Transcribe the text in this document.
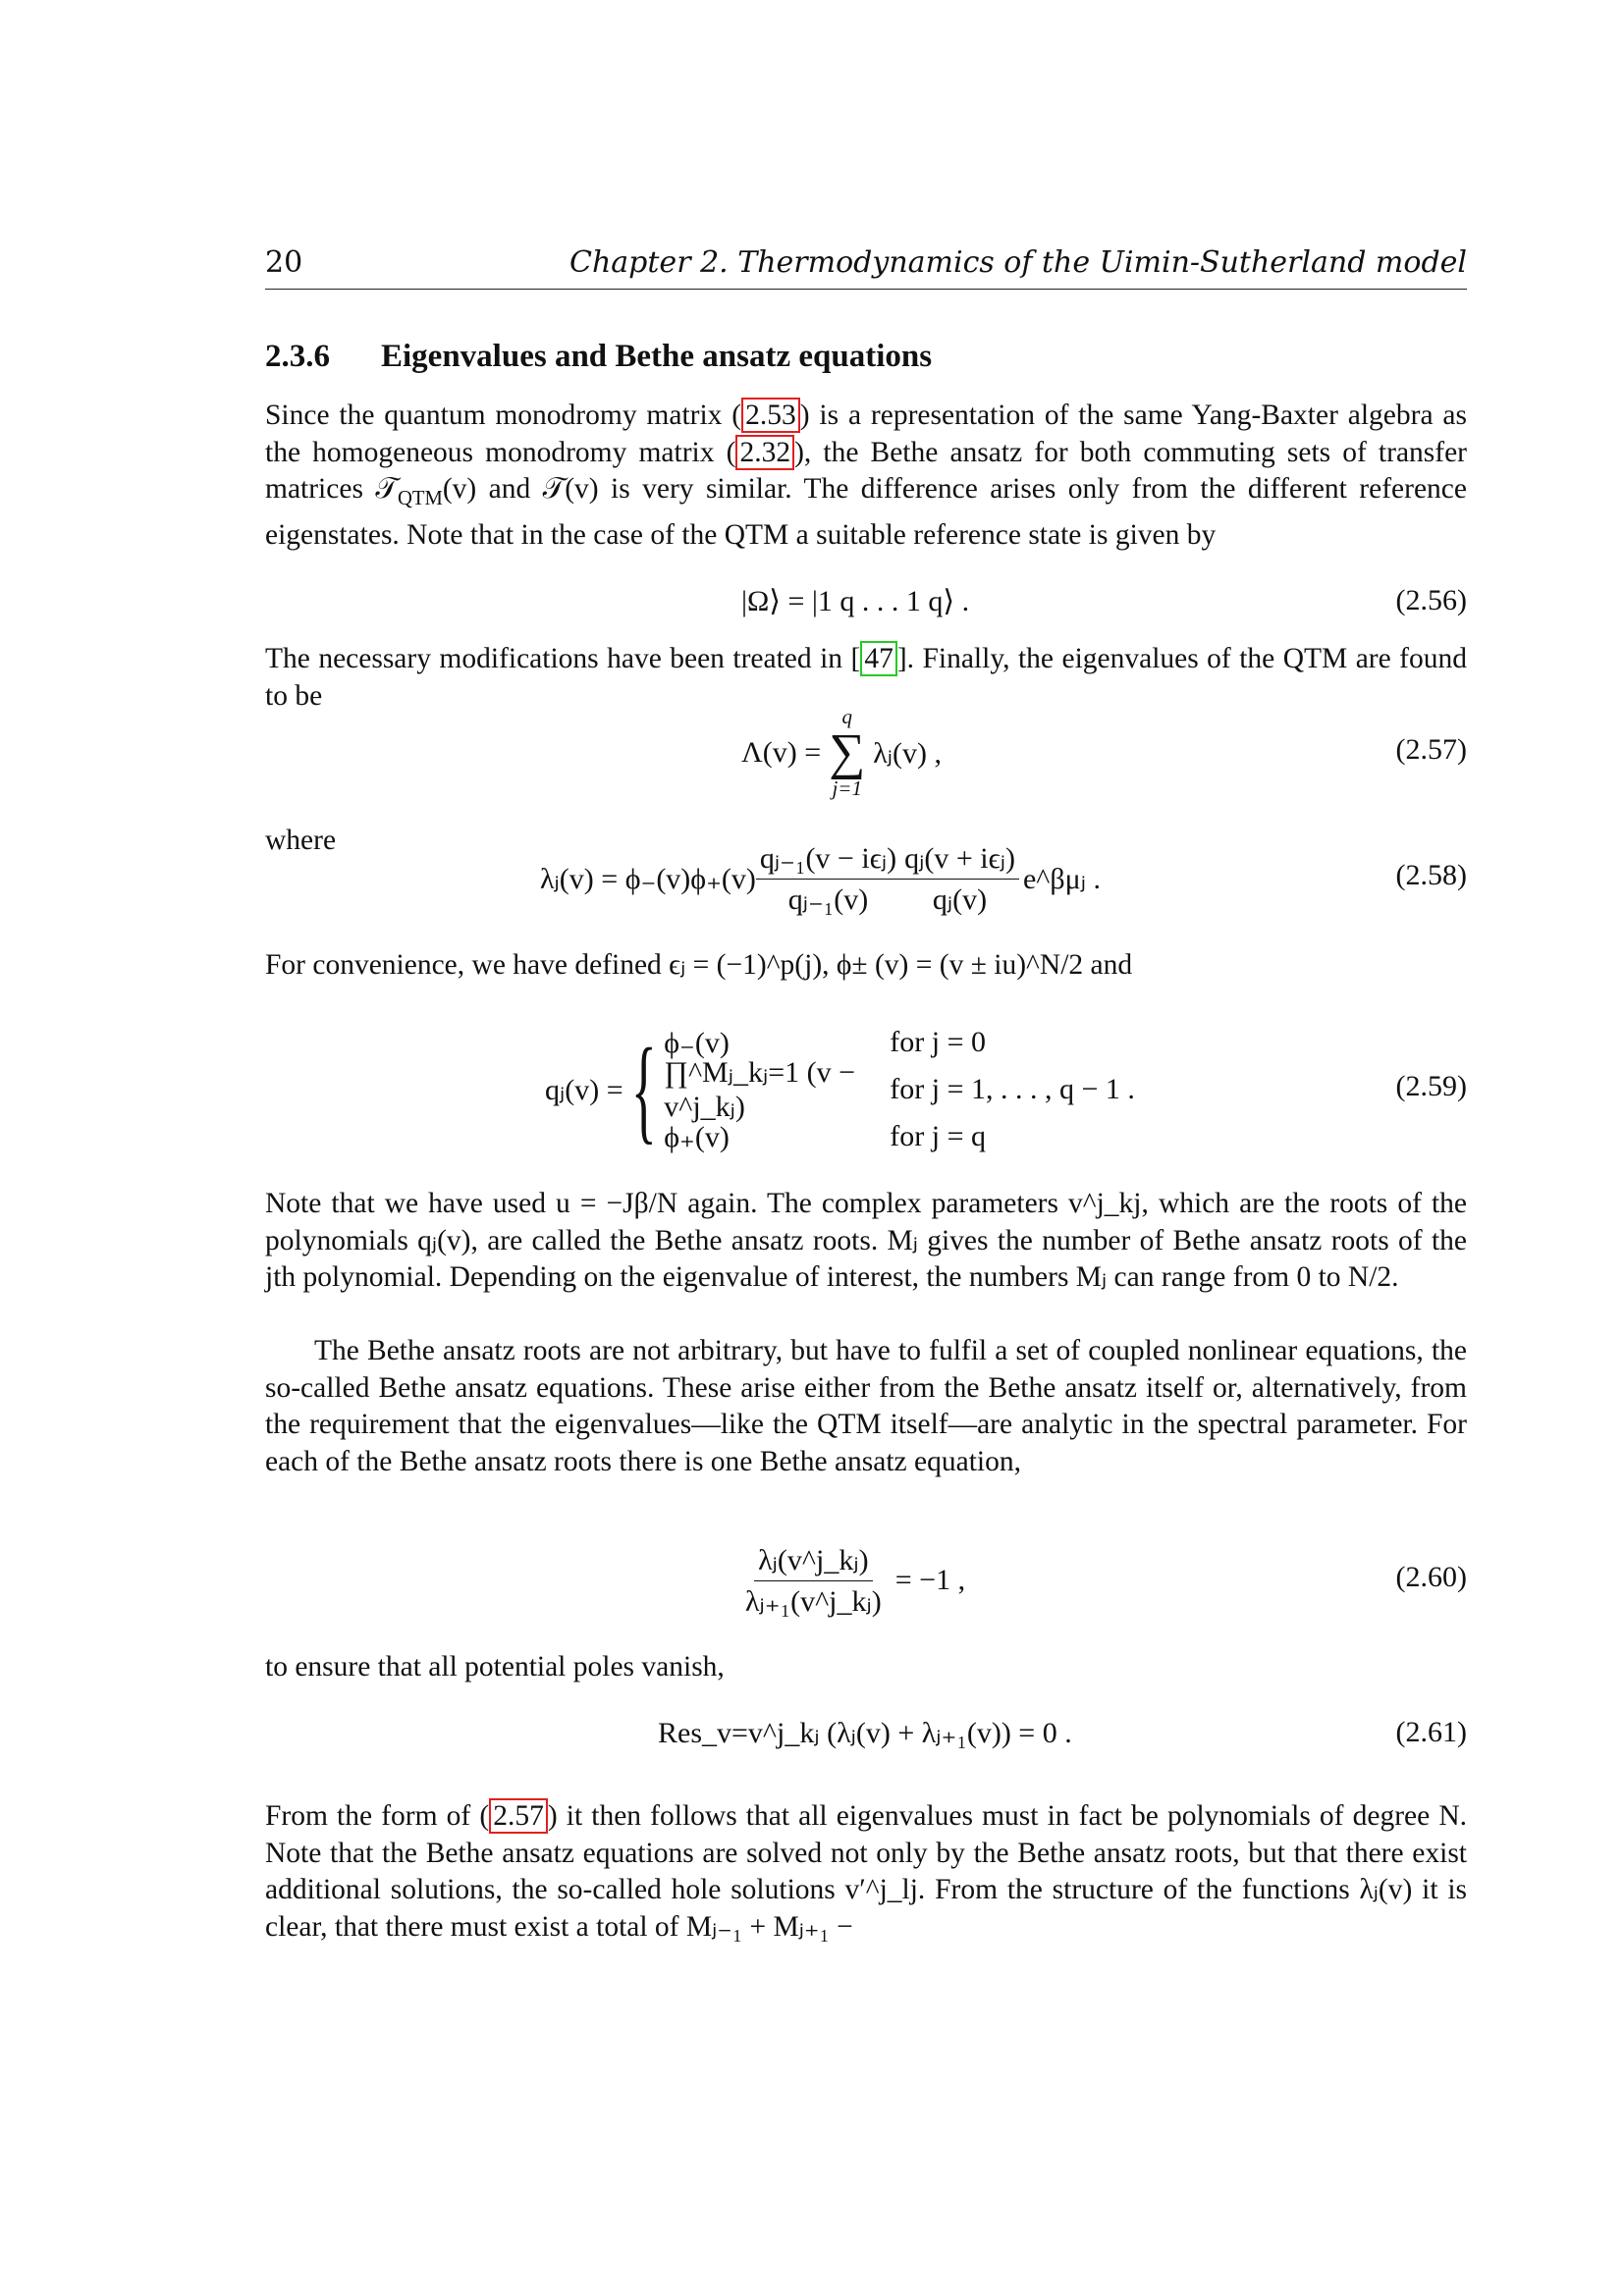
20	Chapter 2. Thermodynamics of the Uimin-Sutherland model
2.3.6 Eigenvalues and Bethe ansatz equations
Since the quantum monodromy matrix ( 2.53 ) is a representation of the same Yang-Baxter algebra as the homogeneous monodromy matrix ( 2.32 ), the Bethe ansatz for both commuting sets of transfer matrices 𝒯$_{QTM}$(v) and 𝒯(v) is very similar. The difference arises only from the different reference eigenstates. Note that in the case of the QTM a suitable reference state is given by
|Ω⟩ = |1 q . . . 1 q⟩ .	(2.56)
The necessary modifications have been treated in [ 47 ]. Finally, the eigenvalues of the QTM are found to be
Λ(v) =
q
∑
j=1
λⱼ(v) ,	(2.57)
where
λⱼ(v) = $\phi_-(v)\phi_+(v) \frac{\text{qⱼ₋₁(v − iϵⱼ)}}{\text{qⱼ₋₁(v)}} \frac{\text{qⱼ(v + iϵⱼ)}}{\text{qⱼ(v)}}$ e^βμⱼ .	(2.58)
For convenience, we have defined ϵⱼ = (−1)^p(j), ϕ± (v) = (v ± iu)^N/2 and
qⱼ(v) = { ϕ₋(v)	for j = 0
∏^Mⱼ_kⱼ=1 (v − v^j_kⱼ)
for j = 1, . . . , q − 1 .
ϕ₊(v)	for j = q
(2.59)
Note that we have used u = −Jβ/N again. The complex parameters v^j_kj, which are the roots of the polynomials qⱼ(v), are called the Bethe ansatz roots. Mⱼ gives the number of Bethe ansatz roots of the jth polynomial. Depending on the eigenvalue of interest, the numbers Mⱼ can range from 0 to N/2.
The Bethe ansatz roots are not arbitrary, but have to fulfil a set of coupled nonlinear equations, the so-called Bethe ansatz equations. These arise either from the Bethe ansatz itself or, alternatively, from the requirement that the eigenvalues—like the QTM itself—are analytic in the spectral parameter. For each of the Bethe ansatz roots there is one Bethe ansatz equation,
$\frac{\text{λⱼ(v\textasciicircum{}j\_kⱼ)}}{\text{λⱼ₊₁(v\textasciicircum{}j\_kⱼ)}} = -1$ ,	(2.60)
to ensure that all potential poles vanish,
Res_v=v^j_kⱼ (λⱼ(v) + λⱼ₊₁(v)) = 0 .	(2.61)
From the form of ( 2.57 ) it then follows that all eigenvalues must in fact be polynomials of degree N. Note that the Bethe ansatz equations are solved not only by the Bethe ansatz roots, but that there exist additional solutions, the so-called hole solutions v′^j_lj. From the structure of the functions λⱼ(v) it is clear, that there must exist a total of Mⱼ₋₁ + Mⱼ₊₁ −
